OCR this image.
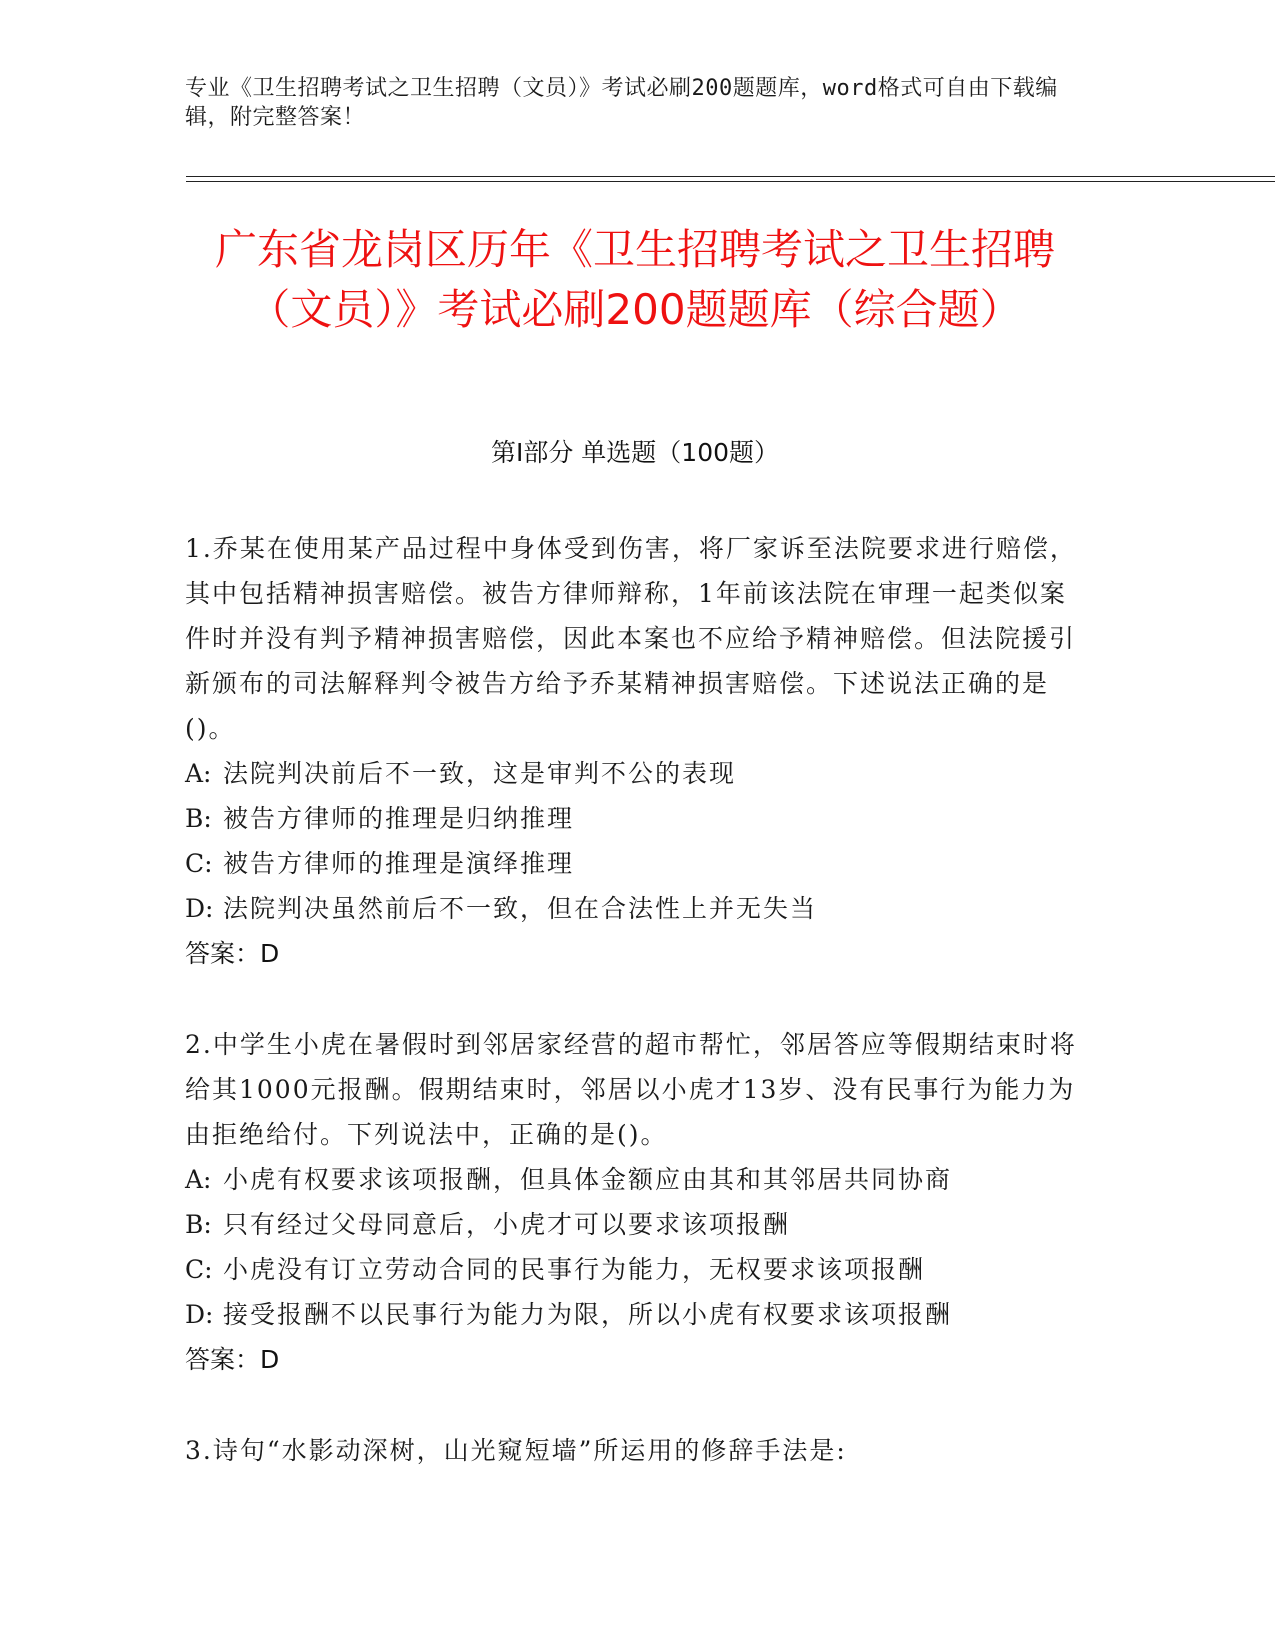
专业《卫生招聘考试之卫生招聘（文员）》考试必刷200题题库，word格式可自由下载编辑，附完整答案！
广东省龙岗区历年《卫生招聘考试之卫生招聘（文员）》考试必刷200题题库（综合题）
第Ⅰ部分 单选题（100题）
1.乔某在使用某产品过程中身体受到伤害，将厂家诉至法院要求进行赔偿，其中包括精神损害赔偿。被告方律师辩称，1年前该法院在审理一起类似案件时并没有判予精神损害赔偿，因此本案也不应给予精神赔偿。但法院援引新颁布的司法解释判令被告方给予乔某精神损害赔偿。下述说法正确的是()。
A: 法院判决前后不一致，这是审判不公的表现
B: 被告方律师的推理是归纳推理
C: 被告方律师的推理是演绎推理
D: 法院判决虽然前后不一致，但在合法性上并无失当
答案：D
2.中学生小虎在暑假时到邻居家经营的超市帮忙，邻居答应等假期结束时将给其1000元报酬。假期结束时，邻居以小虎才13岁、没有民事行为能力为由拒绝给付。下列说法中，正确的是()。
A: 小虎有权要求该项报酬，但具体金额应由其和其邻居共同协商
B: 只有经过父母同意后，小虎才可以要求该项报酬
C: 小虎没有订立劳动合同的民事行为能力，无权要求该项报酬
D: 接受报酬不以民事行为能力为限，所以小虎有权要求该项报酬
答案：D
3.诗句“水影动深树，山光窥短墙”所运用的修辞手法是:
